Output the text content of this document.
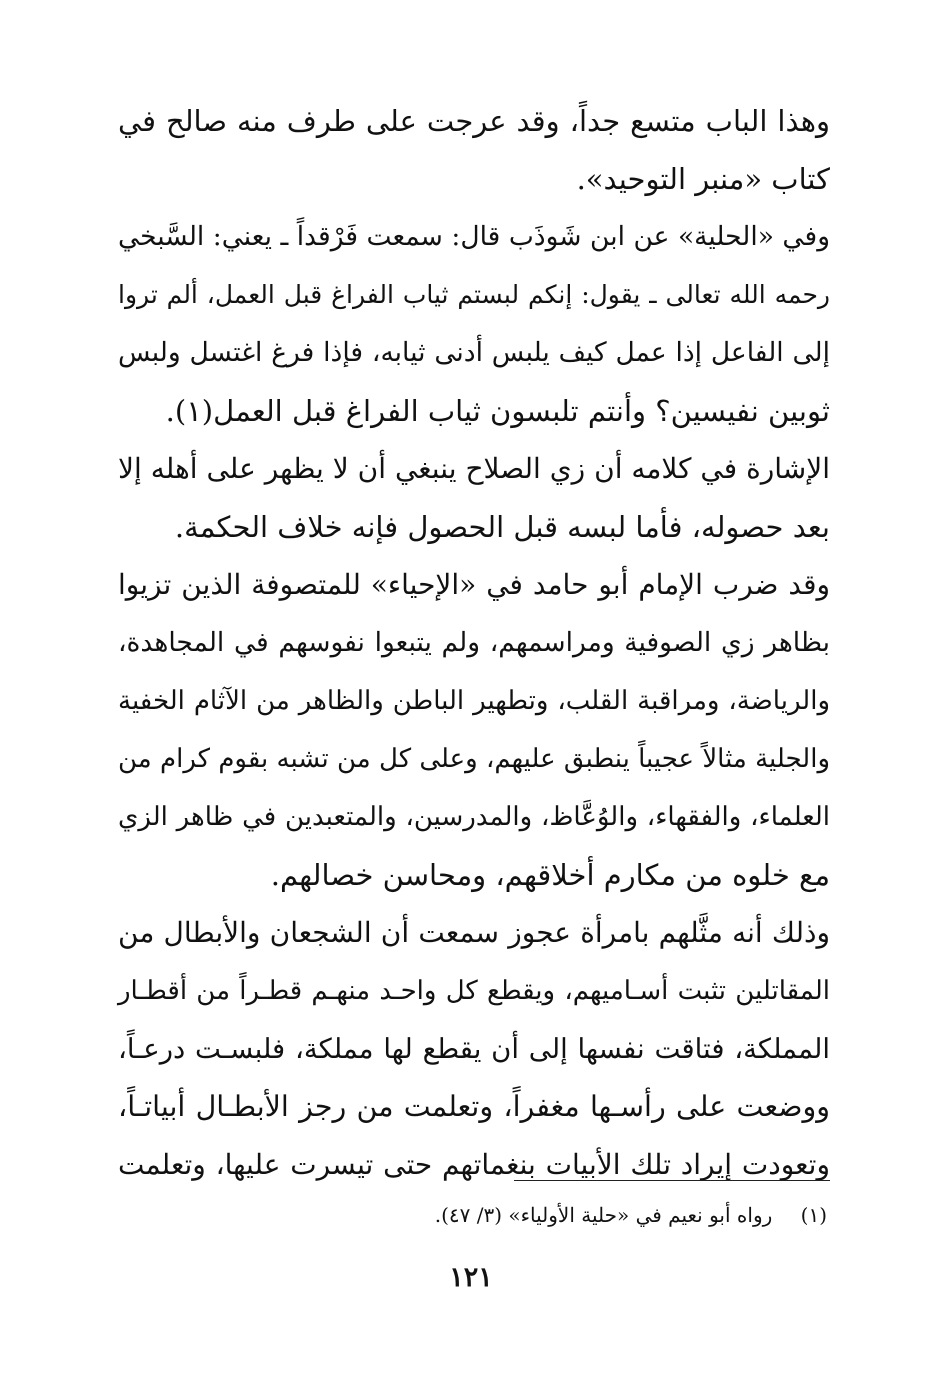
وهذا الباب متسع جداً، وقد عرجت على طرف منه صالح في
كتاب «منبر التوحيد».
وفي «الحلية» عن ابن شَوذَب قال: سمعت فَرْقداً ـ يعني: السَّبخي
رحمه الله تعالى ـ يقول: إنكم لبستم ثياب الفراغ قبل العمل، ألم تروا
إلى الفاعل إذا عمل كيف يلبس أدنى ثيابه، فإذا فرغ اغتسل ولبس
ثوبين نفيسين؟ وأنتم تلبسون ثياب الفراغ قبل العمل(١).
الإشارة في كلامه أن زي الصلاح ينبغي أن لا يظهر على أهله إلا
بعد حصوله، فأما لبسه قبل الحصول فإنه خلاف الحكمة.
وقد ضرب الإمام أبو حامد في «الإحياء» للمتصوفة الذين تزيوا
بظاهر زي الصوفية ومراسمهم، ولم يتبعوا نفوسهم في المجاهدة،
والرياضة، ومراقبة القلب، وتطهير الباطن والظاهر من الآثام الخفية
والجلية مثالاً عجيباً ينطبق عليهم، وعلى كل من تشبه بقوم كرام من
العلماء، والفقهاء، والوُعَّاظ، والمدرسين، والمتعبدين في ظاهر الزي
مع خلوه من مكارم أخلاقهم، ومحاسن خصالهم.
وذلك أنه مثَّلهم بامرأة عجوز سمعت أن الشجعان والأبطال من
المقاتلين تثبت أسـاميهم، ويقطع كل واحـد منهـم قطـراً من أقطـار
المملكة، فتاقت نفسها إلى أن يقطع لها مملكة، فلبسـت درعـاً،
ووضعت على رأسـها مغفراً، وتعلمت من رجز الأبطـال أبياتـاً،
وتعودت إيراد تلك الأبيات بنغماتهم حتى تيسرت عليها، وتعلمت
(١) رواه أبو نعيم في «حلية الأولياء» (٣/ ٤٧).
١٢١
